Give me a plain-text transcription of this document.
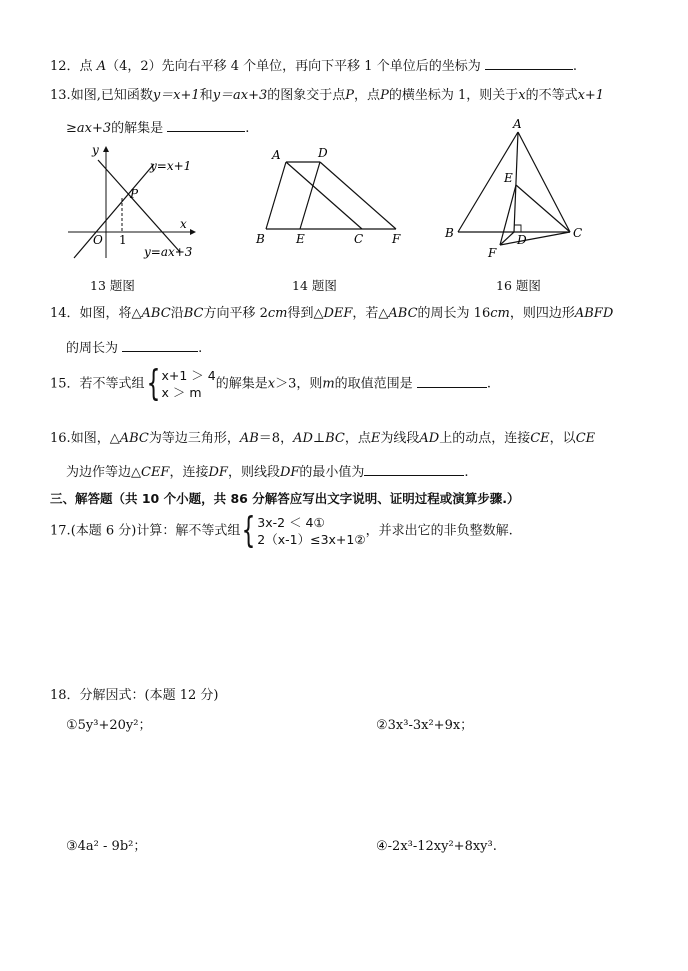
12．点 A（4，2）先向右平移 4 个单位，再向下平移 1 个单位后的坐标为	.
13.如图,已知函数y＝x+1和y＝ax+3的图象交于点P，点P的横坐标为 1，则关于x的不等式x+1
≥ax+3的解集是	.
y
x
O 1
P
y=x+1
y=ax+3
A	D
B	E	C F
A
E
B	C
D
F
13 题图	14 题图	16 题图
14．如图，将△ABC沿BC方向平移 2cm得到△DEF，若△ABC的周长为 16cm，则四边形ABFD
的周长为	.
15．若不等式组 { x+1 ＞ 4
x ＞ m
的解集是x＞3，则m的取值范围是	.
16.如图，△ABC为等边三角形，AB＝8，AD⊥BC，点E为线段AD上的动点，连接CE，以CE
为边作等边△CEF，连接DF，则线段DF的最小值为	.
三、解答题（共 10 个小题，共 86 分解答应写出文字说明、证明过程或演算步骤.）
17.(本题 6 分)计算：解不等式组 { 3x-2 ＜ 4①
2（x-1）≤3x+1②
，并求出它的非负整数解.
18．分解因式：(本题 12 分)
①5y³+20y²；	②3x³-3x²+9x；
③4a² - 9b²；	④-2x³-12xy²+8xy³.
